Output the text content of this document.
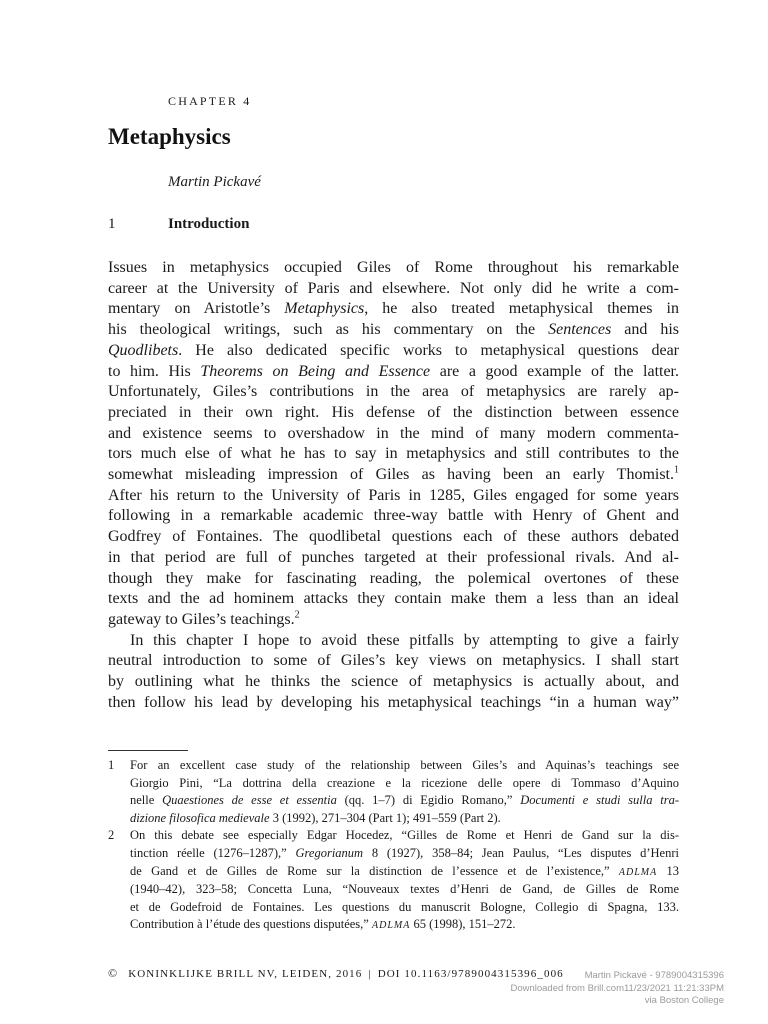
CHAPTER 4
Metaphysics
Martin Pickavé
1	Introduction
Issues in metaphysics occupied Giles of Rome throughout his remarkable
career at the University of Paris and elsewhere. Not only did he write a com-
mentary on Aristotle’s Metaphysics, he also treated metaphysical themes in
his theological writings, such as his commentary on the Sentences and his
Quodlibets. He also dedicated specific works to metaphysical questions dear
to him. His Theorems on Being and Essence are a good example of the latter.
Unfortunately, Giles’s contributions in the area of metaphysics are rarely ap-
preciated in their own right. His defense of the distinction between essence
and existence seems to overshadow in the mind of many modern commenta-
tors much else of what he has to say in metaphysics and still contributes to the
somewhat misleading impression of Giles as having been an early Thomist.$^1$
After his return to the University of Paris in 1285, Giles engaged for some years
following in a remarkable academic three-way battle with Henry of Ghent and
Godfrey of Fontaines. The quodlibetal questions each of these authors debated
in that period are full of punches targeted at their professional rivals. And al-
though they make for fascinating reading, the polemical overtones of these
texts and the ad hominem attacks they contain make them a less than an ideal
gateway to Giles’s teachings.$^2$
In this chapter I hope to avoid these pitfalls by attempting to give a fairly
neutral introduction to some of Giles’s key views on metaphysics. I shall start
by outlining what he thinks the science of metaphysics is actually about, and
then follow his lead by developing his metaphysical teachings “in a human way”
1 For an excellent case study of the relationship between Giles’s and Aquinas’s teachings see
Giorgio Pini, “La dottrina della creazione e la ricezione delle opere di Tommaso d’Aquino
nelle Quaestiones de esse et essentia (qq. 1–7) di Egidio Romano,” Documenti e studi sulla tra-
dizione filosofica medievale 3 (1992), 271–304 (Part 1); 491–559 (Part 2).
2 On this debate see especially Edgar Hocedez, “Gilles de Rome et Henri de Gand sur la dis-
tinction réelle (1276–1287),” Gregorianum 8 (1927), 358–84; Jean Paulus, “Les disputes d’Henri
de Gand et de Gilles de Rome sur la distinction de l’essence et de l’existence,” ADLMA 13
(1940–42), 323–58; Concetta Luna, “Nouveaux textes d’Henri de Gand, de Gilles de Rome
et de Godefroid de Fontaines. Les questions du manuscrit Bologne, Collegio di Spagna, 133.
Contribution à l’étude des questions disputées,” ADLMA 65 (1998), 151–272.
© KONINKLIJKE BRILL NV, LEIDEN, 2016 | DOI 10.1163/9789004315396_006	Martin Pickavé - 9789004315396
Downloaded from Brill.com11/23/2021 11:21:33PM
via Boston College
